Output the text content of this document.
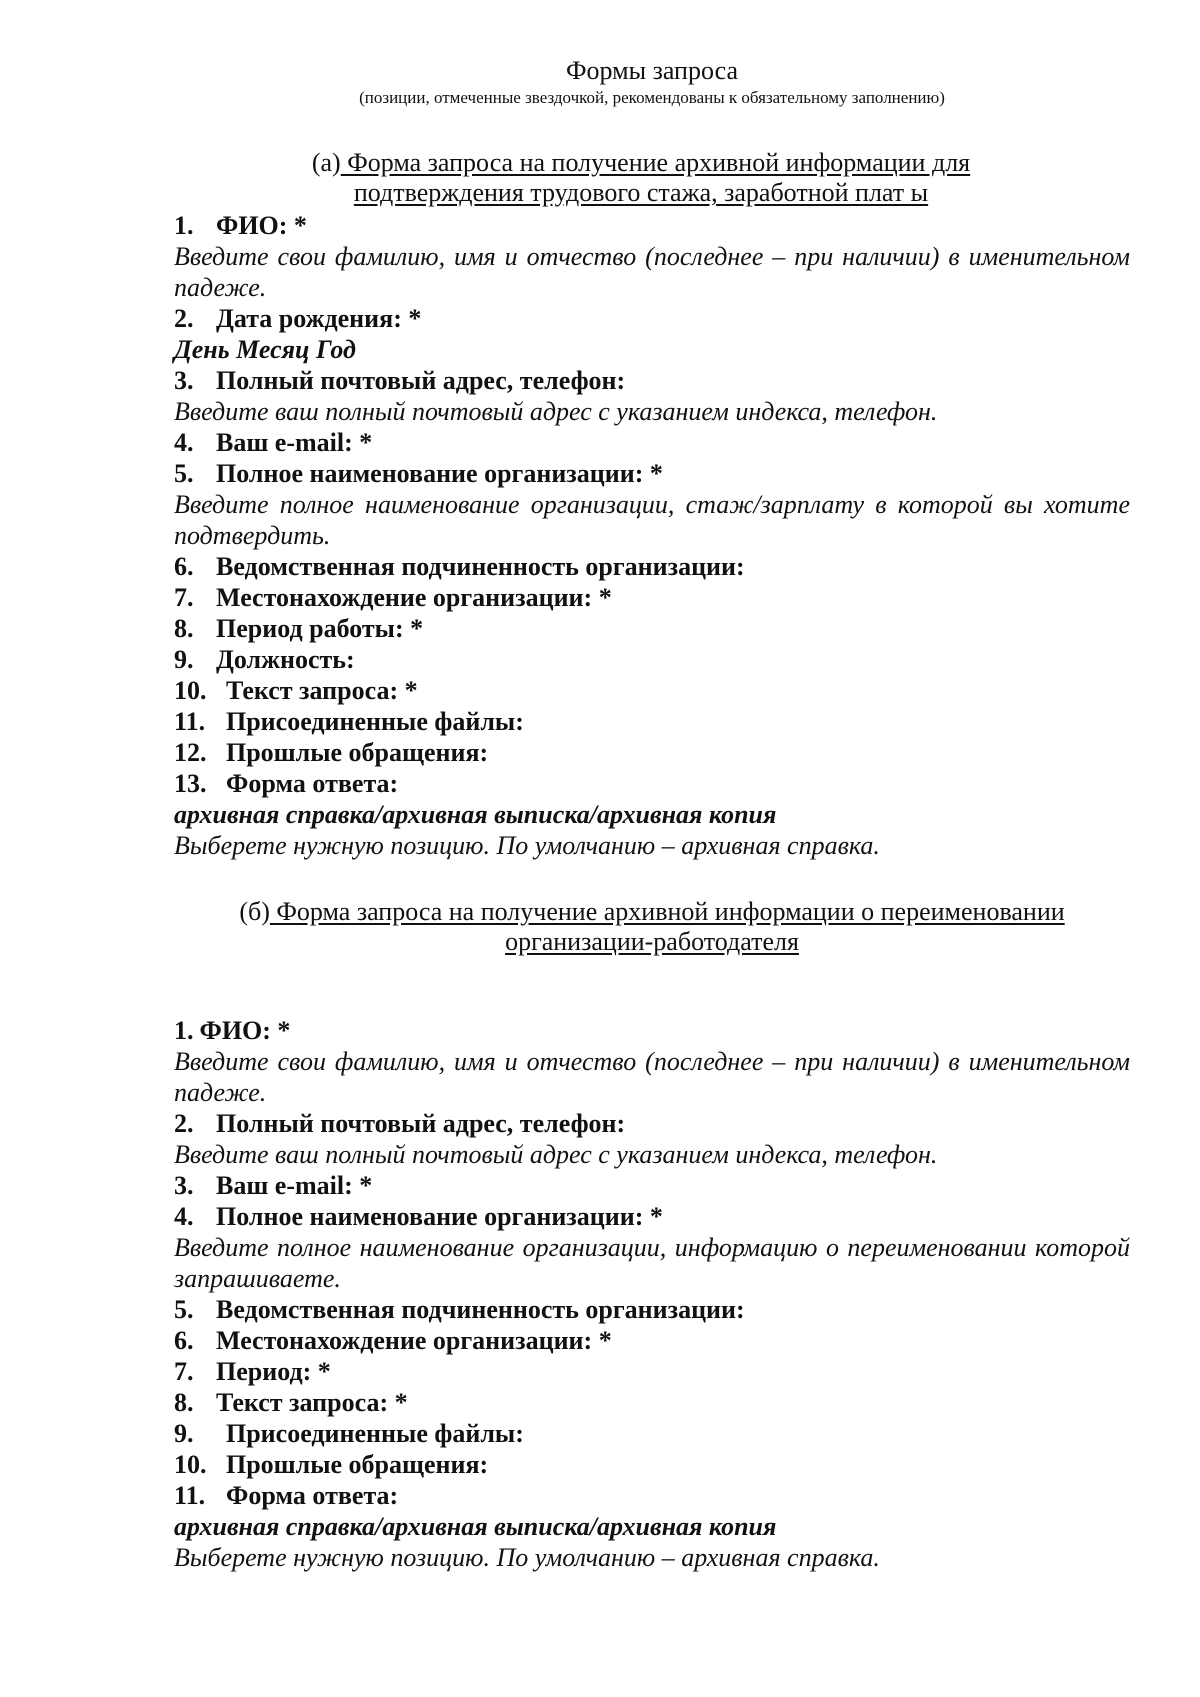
Формы запроса
(позиции, отмеченные звездочкой, рекомендованы к обязательному заполнению)
(а) Форма запроса на получение архивной информации для
подтверждения трудового стажа, заработной плат ы
1. ФИО: *
Введите свои фамилию, имя и отчество (последнее – при наличии) в именительном падеже.
2. Дата рождения: *
День Месяц Год
3. Полный почтовый адрес, телефон:
Введите ваш полный почтовый адрес с указанием индекса, телефон.
4. Ваш e-mail: *
5. Полное наименование организации: *
Введите полное наименование организации, стаж/зарплату в которой вы хотите подтвердить.
6. Ведомственная подчиненность организации:
7. Местонахождение организации: *
8. Период работы: *
9. Должность:
10. Текст запроса: *
11. Присоединенные файлы:
12. Прошлые обращения:
13. Форма ответа:
архивная справка/архивная выписка/архивная копия
Выберете нужную позицию. По умолчанию – архивная справка.
(б) Форма запроса на получение архивной информации о переименовании
организации-работодателя
1. ФИО: *
Введите свои фамилию, имя и отчество (последнее – при наличии) в именительном падеже.
2. Полный почтовый адрес, телефон:
Введите ваш полный почтовый адрес с указанием индекса, телефон.
3. Ваш e-mail: *
4. Полное наименование организации: *
Введите полное наименование организации, информацию о переименовании которой запрашиваете.
5. Ведомственная подчиненность организации:
6. Местонахождение организации: *
7. Период: *
8. Текст запроса: *
9. Присоединенные файлы:
10. Прошлые обращения:
11. Форма ответа:
архивная справка/архивная выписка/архивная копия
Выберете нужную позицию. По умолчанию – архивная справка.
